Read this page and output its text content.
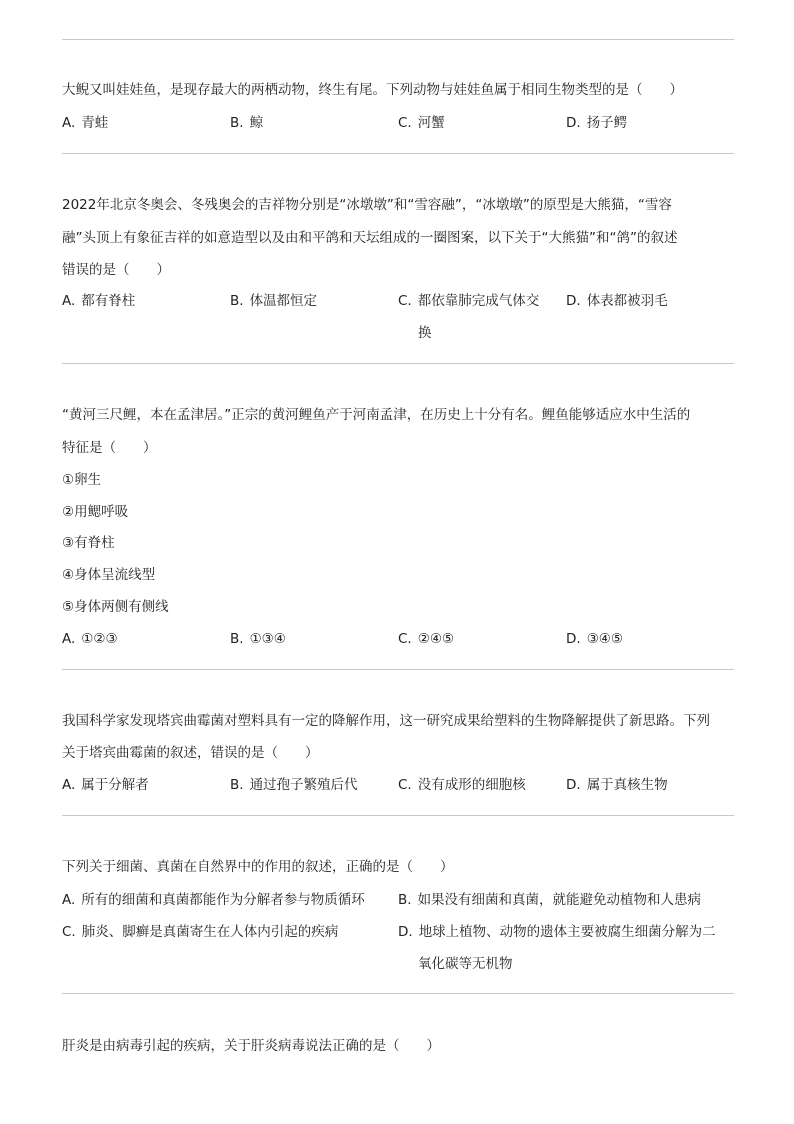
大鲵又叫娃娃鱼，是现存最大的两栖动物，终生有尾。下列动物与娃娃鱼属于相同生物类型的是（　　）
A. 青蛙	B. 鲸	C. 河蟹	D. 扬子鳄
2022年北京冬奥会、冬残奥会的吉祥物分别是“冰墩墩”和“雪容融”，“冰墩墩”的原型是大熊猫，“雪容
融”头顶上有象征吉祥的如意造型以及由和平鸽和天坛组成的一圈图案，以下关于“大熊猫”和“鸽”的叙述
错误的是（　　）
A. 都有脊柱	B. 体温都恒定	C. 都依靠肺完成气体交
换
D. 体表都被羽毛
“黄河三尺鲤，本在孟津居。”正宗的黄河鲤鱼产于河南孟津，在历史上十分有名。鲤鱼能够适应水中生活的
特征是（　　）
①卵生
②用鳃呼吸
③有脊柱
④身体呈流线型
⑤身体两侧有侧线
A. ①②③	B. ①③④	C. ②④⑤	D. ③④⑤
我国科学家发现塔宾曲霉菌对塑料具有一定的降解作用，这一研究成果给塑料的生物降解提供了新思路。下列
关于塔宾曲霉菌的叙述，错误的是（　　）
A. 属于分解者	B. 通过孢子繁殖后代	C. 没有成形的细胞核	D. 属于真核生物
下列关于细菌、真菌在自然界中的作用的叙述，正确的是（　　）
A. 所有的细菌和真菌都能作为分解者参与物质循环 B. 如果没有细菌和真菌，就能避免动植物和人患病
C. 肺炎、脚癣是真菌寄生在人体内引起的疾病	D. 地球上植物、动物的遗体主要被腐生细菌分解为二
氧化碳等无机物
肝炎是由病毒引起的疾病，关于肝炎病毒说法正确的是（　　）
